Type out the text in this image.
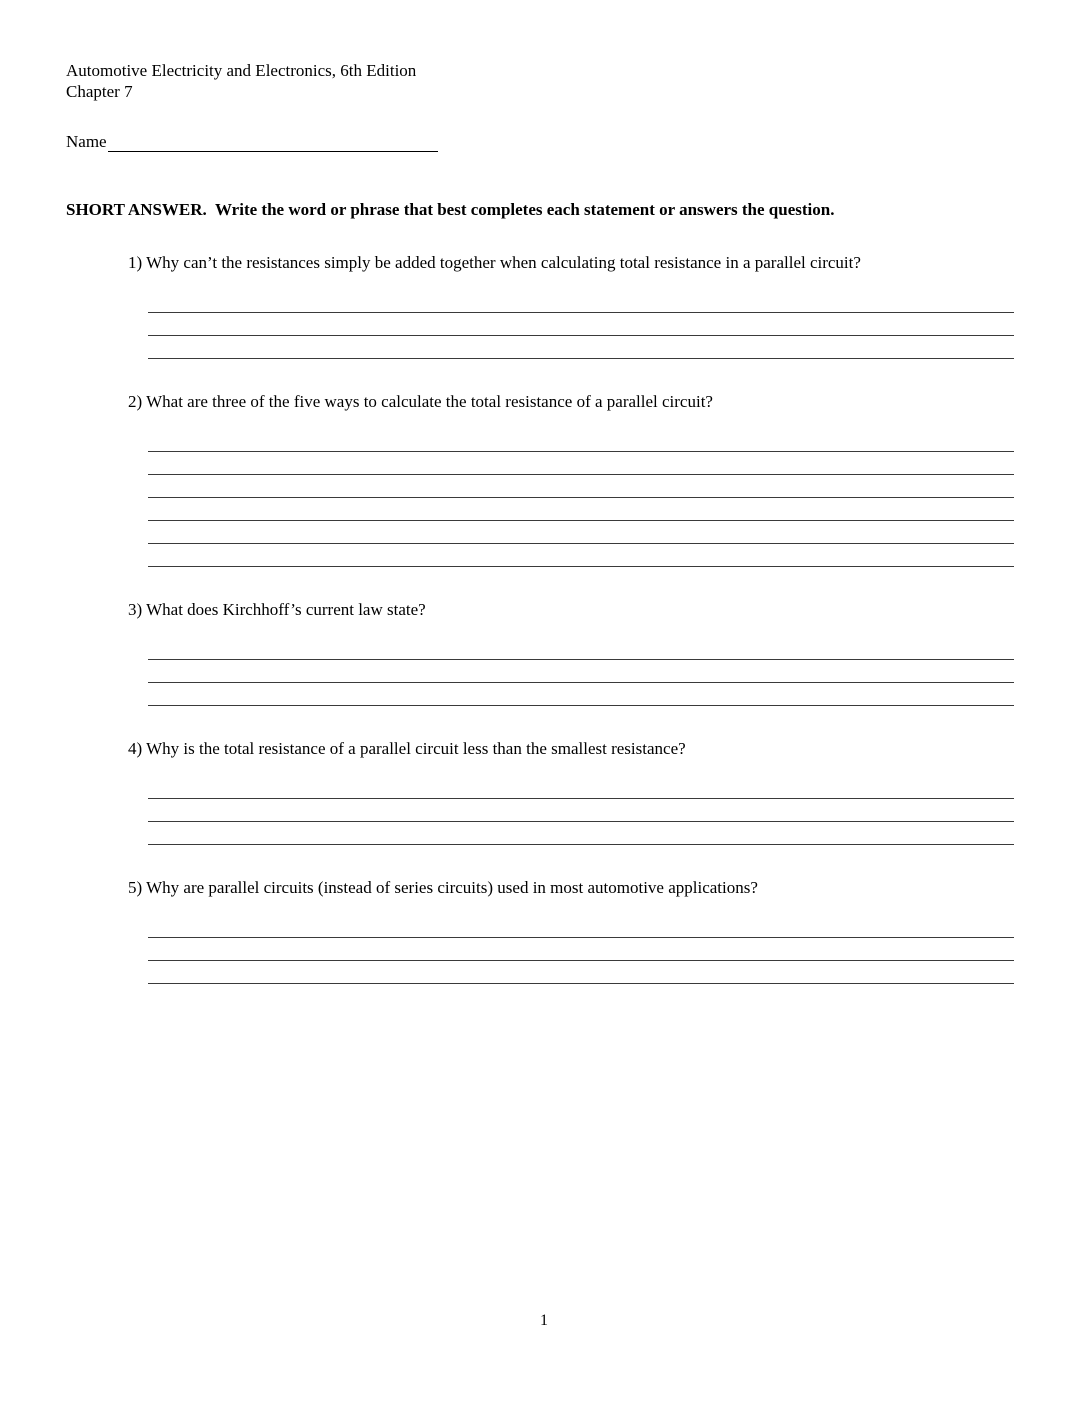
Automotive Electricity and Electronics, 6th Edition
Chapter 7
Name

SHORT ANSWER.  Write the word or phrase that best completes each statement or answers the question.

1) Why can’t the resistances simply be added together when calculating total resistance in a parallel circuit?

2) What are three of the five ways to calculate the total resistance of a parallel circuit?

3) What does Kirchhoff’s current law state?

4) Why is the total resistance of a parallel circuit less than the smallest resistance?

5) Why are parallel circuits (instead of series circuits) used in most automotive applications?

1
